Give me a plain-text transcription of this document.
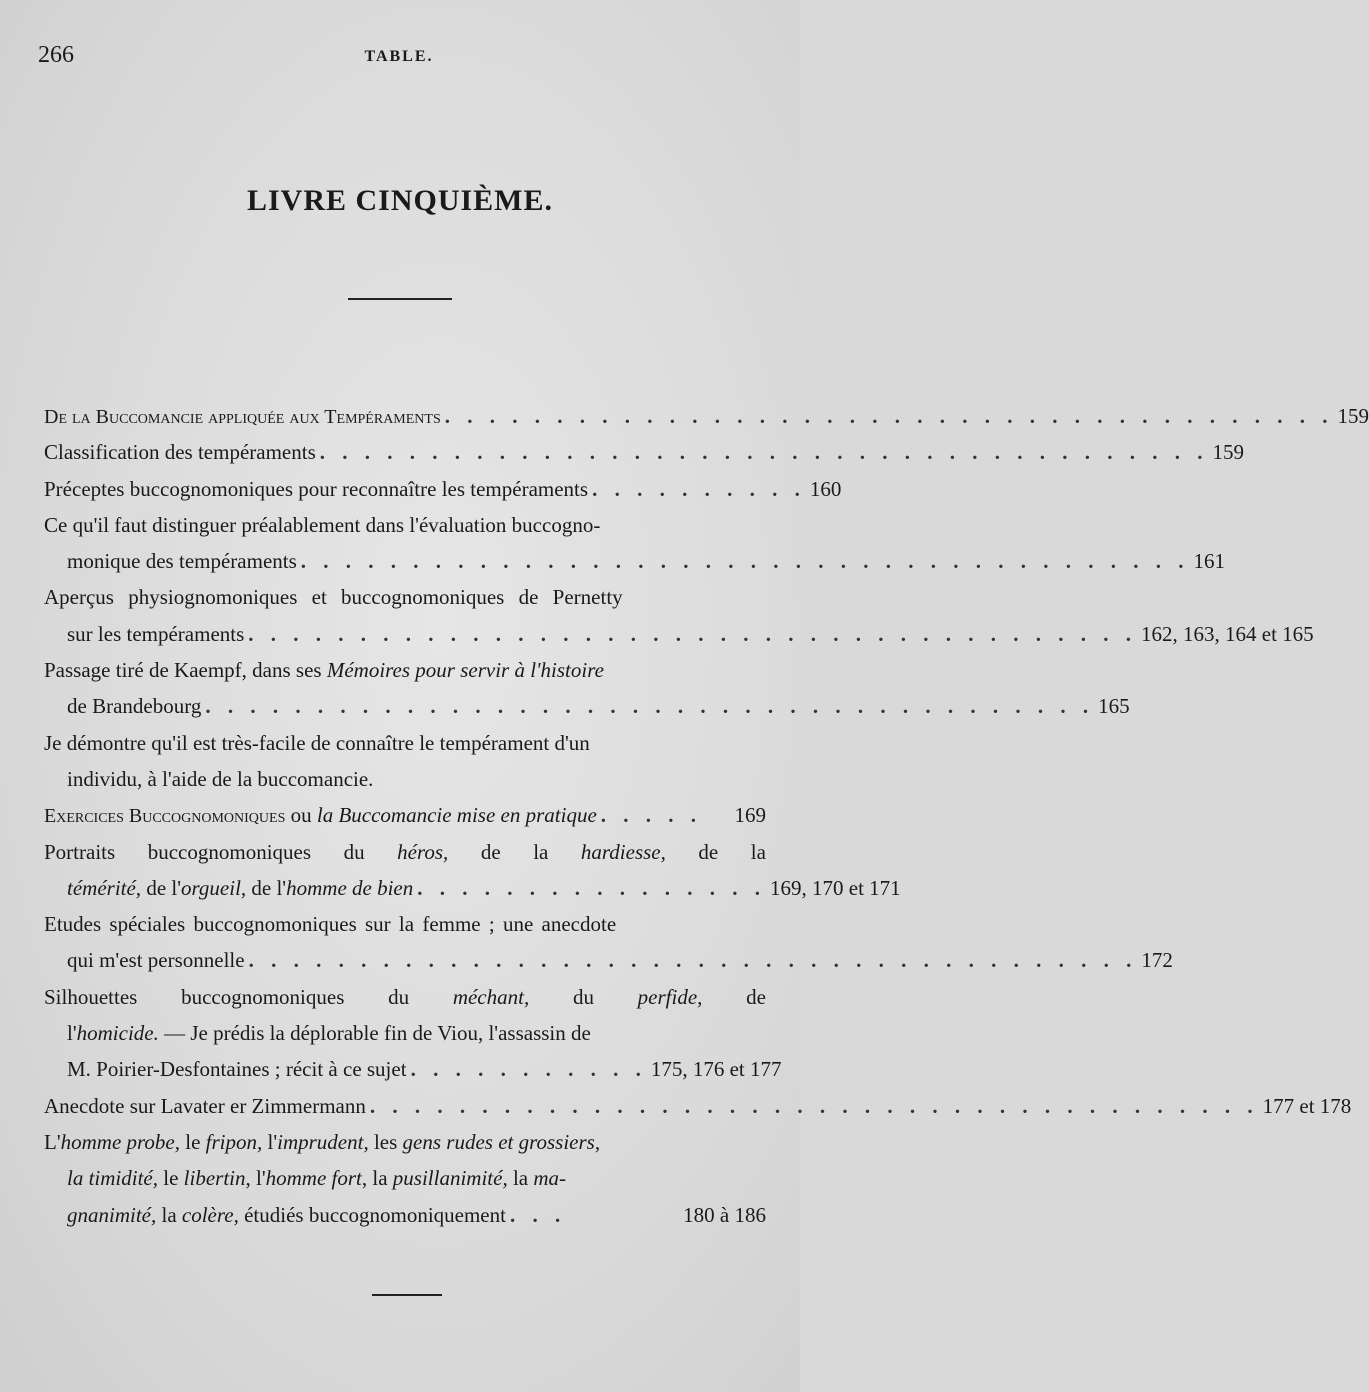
266	TABLE.
LIVRE CINQUIÈME.
De la Buccomancie appliquée aux Tempéraments . . . . . . . . . . . . . . . . . . . . . . . . . . . . . . . . . . . . . . . . 159
Classification des tempéraments . . . . . . . . . . . . . . . . . . . . . . . . . . . . . . . . . . . . . . . . 159
Préceptes buccognomoniques pour reconnaître les tempéraments . . . . . . . . . . 160
Ce qu'il faut distinguer préalablement dans l'évaluation buccogno-
monique des tempéraments . . . . . . . . . . . . . . . . . . . . . . . . . . . . . . . . . . . . . . . . 161
Aperçus physiognomoniques et buccognomoniques de Pernetty
sur les tempéraments . . . . . . . . . . . . . . . . . . . . . . . . . . . . . . . . . . . . . . . . 162, 163, 164 et 165
Passage tiré de Kaempf, dans ses Mémoires pour servir à l'histoire
de Brandebourg . . . . . . . . . . . . . . . . . . . . . . . . . . . . . . . . . . . . . . . . 165
Je démontre qu'il est très-facile de connaître le tempérament d'un
individu, à l'aide de la buccomancie.
Exercices Buccognomoniques ou la Buccomancie mise en pratique . . . . .	169
Portraits buccognomoniques du héros, de la hardiesse, de la
témérité, de l' orgueil, de l' homme de bien . . . . . . . . . . . . . . . . 169, 170 et 171
Etudes spéciales buccognomoniques sur la femme ; une anecdote
qui m'est personnelle . . . . . . . . . . . . . . . . . . . . . . . . . . . . . . . . . . . . . . . . 172
Silhouettes buccognomoniques du méchant, du perfide, de
l' homicide. — Je prédis la déplorable fin de Viou, l'assassin de
M. Poirier-Desfontaines ; récit à ce sujet . . . . . . . . . . . 175, 176 et 177
Anecdote sur Lavater er Zimmermann . . . . . . . . . . . . . . . . . . . . . . . . . . . . . . . . . . . . . . . . 177 et 178
L' homme probe, le fripon, l' imprudent, les gens rudes et grossiers,
la timidité, le libertin , l' homme fort , la pusillanimité, la ma-
gnanimité, la colère, étudiés buccognomoniquement . . .	180 à 186
